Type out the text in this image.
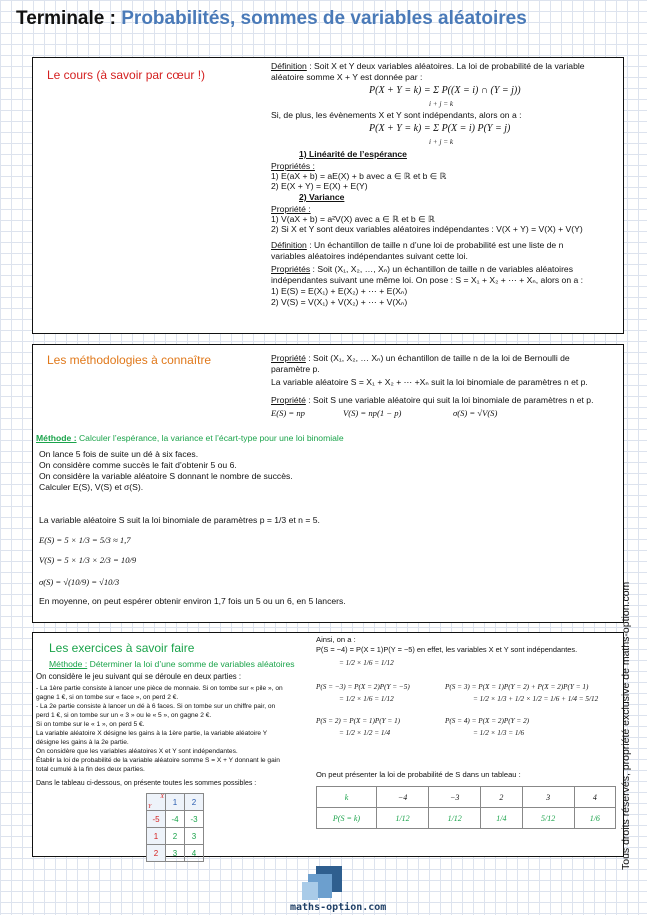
Terminale : Probabilités, sommes de variables aléatoires
Le cours (à savoir par cœur !)
Définition : Soit X et Y deux variables aléatoires. La loi de probabilité de la variable
aléatoire somme X + Y est donnée par :
P(X + Y = k) = Σ P((X = i) ∩ (Y = j))
i + j = k
Si, de plus, les évènements X et Y sont indépendants, alors on a :
P(X + Y = k) = Σ P(X = i) P(Y = j)
i + j = k
1) Linéarité de l’espérance
Propriétés :
1) E(aX + b) = aE(X) + b avec a ∈ ℝ et b ∈ ℝ
2) E(X + Y) = E(X) + E(Y)
2) Variance
Propriété :
1) V(aX + b) = a²V(X) avec a ∈ ℝ et b ∈ ℝ
2) Si X et Y sont deux variables aléatoires indépendantes : V(X + Y) = V(X) + V(Y)
Définition : Un échantillon de taille n d’une loi de probabilité est une liste de n
variables aléatoires indépendantes suivant cette loi.
Propriétés : Soit (X₁, X₂, …, Xₙ) un échantillon de taille n de variables aléatoires
indépendantes suivant une même loi. On pose : S = X₁ + X₂ + ⋯ + Xₙ, alors on a :
1) E(S) = E(X₁) + E(X₂) + ⋯ + E(Xₙ)
2) V(S) = V(X₁) + V(X₂) + ⋯ + V(Xₙ)
Les méthodologies à connaître	Propriété : Soit (X₁, X₂, … Xₙ) un échantillon de taille n de la loi de Bernoulli de
paramètre p.
La variable aléatoire S = X₁ + X₂ + ⋯ +Xₙ suit la loi binomiale de paramètres n et p.
Propriété : Soit S une variable aléatoire qui suit la loi binomiale de paramètres n et p.
E(S) = np	V(S) = np(1 − p)	σ(S) = √V(S)
Méthode : Calculer l’espérance, la variance et l’écart-type pour une loi binomiale
On lance 5 fois de suite un dé à six faces.
On considère comme succès le fait d’obtenir 5 ou 6.
On considère la variable aléatoire S donnant le nombre de succès.
Calculer E(S), V(S) et σ(S).
La variable aléatoire S suit la loi binomiale de paramètres p = 1/3 et n = 5.
E(S) = 5 × 1/3 = 5/3 ≈ 1,7
V(S) = 5 × 1/3 × 2/3 = 10/9
σ(S) = √(10/9) = √10/3
En moyenne, on peut espérer obtenir environ 1,7 fois un 5 ou un 6, en 5 lancers.
Les exercices à savoir faire
Méthode : Déterminer la loi d’une somme de variables aléatoires
On considère le jeu suivant qui se déroule en deux parties :
- La 1ère partie consiste à lancer une pièce de monnaie. Si on tombe sur « pile », on
gagne 1 €, si on tombe sur « face », on perd 2 €.
- La 2e partie consiste à lancer un dé à 6 faces. Si on tombe sur un chiffre pair, on
perd 1 €, si on tombe sur un « 3 » ou le « 5 », on gagne 2 €.
Si on tombe sur le « 1 », on perd 5 €.
La variable aléatoire X désigne les gains à la 1ère partie, la variable aléatoire Y
désigne les gains à la 2e partie.
On considère que les variables aléatoires X et Y sont indépendantes.
Établir la loi de probabilité de la variable aléatoire somme S = X + Y donnant le gain
total cumulé à la fin des deux parties.
Dans le tableau ci-dessous, on présente toutes les sommes possibles :
X
Y	1	2
-5	-4	-3
1	2	3
2	3	4
Ainsi, on a :
P(S = −4) = P(X = 1)P(Y = −5) en effet, les variables X et Y sont indépendantes.
= 1/2 × 1/6 = 1/12
P(S = −3) = P(X = 2)P(Y = −5)
= 1/2 × 1/6 = 1/12
P(S = 3) = P(X = 1)P(Y = 2) + P(X = 2)P(Y = 1)
= 1/2 × 1/3 + 1/2 × 1/2 = 1/6 + 1/4 = 5/12
P(S = 2) = P(X = 1)P(Y = 1)
= 1/2 × 1/2 = 1/4
P(S = 4) = P(X = 2)P(Y = 2)
= 1/2 × 1/3 = 1/6
On peut présenter la loi de probabilité de S dans un tableau :
k	−4	−3	2	3	4
P(S = k)	1/12	1/12	1/4	5/12	1/6 Tous droits réservés, propriété exclusive de maths-option.com
maths-option.com
